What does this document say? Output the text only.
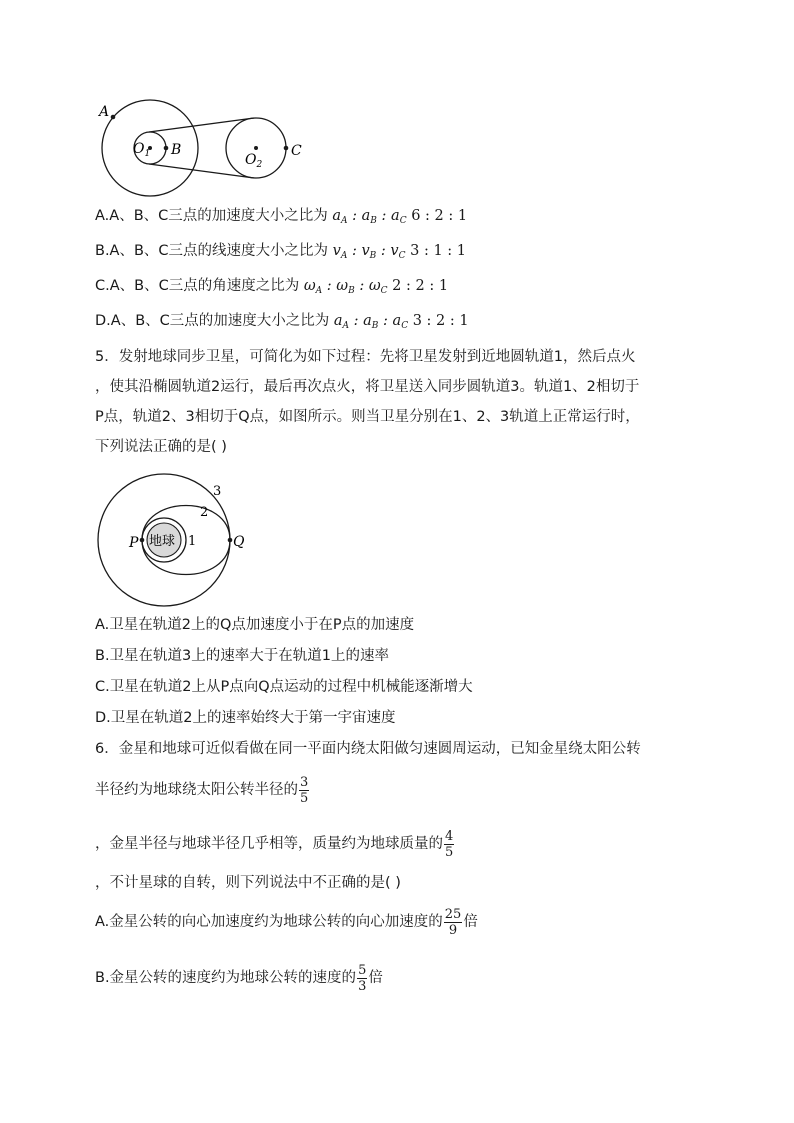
A
$O_1$ B
$O_2$
C
A.A、B、C三点的加速度大小之比为 $a_A$ : $a_B$ : $a_C$ 6 : 2 : 1
B.A、B、C三点的线速度大小之比为 $v_A$ : $v_B$ : $v_C$ 3 : 1 : 1
C.A、B、C三点的角速度之比为 $\omega_A$ : $\omega_B$ : $\omega_C$ 2 : 2 : 1
D.A、B、C三点的加速度大小之比为 $a_A$ : $a_B$ : $a_C$ 3 : 2 : 1
5．发射地球同步卫星，可简化为如下过程：先将卫星发射到近地圆轨道1，然后点火
，使其沿椭圆轨道2运行，最后再次点火，将卫星送入同步圆轨道3。轨道1、2相切于
P点，轨道2、3相切于Q点，如图所示。则当卫星分别在1、2、3轨道上正常运行时，
下列说法正确的是( )
地球 1
2
3
P	Q
A.卫星在轨道2上的Q点加速度小于在P点的加速度
B.卫星在轨道3上的速率大于在轨道1上的速率
C.卫星在轨道2上从P点向Q点运动的过程中机械能逐渐增大
D.卫星在轨道2上的速率始终大于第一宇宙速度
6．金星和地球可近似看做在同一平面内绕太阳做匀速圆周运动，已知金星绕太阳公转
半径约为地球绕太阳公转半径的 $\frac{3}{5}$
，金星半径与地球半径几乎相等，质量约为地球质量的 $\frac{4}{5}$
，不计星球的自转，则下列说法中不正确的是( )
A.金星公转的向心加速度约为地球公转的向心加速度的 $\frac{25}{9}$ 倍
B.金星公转的速度约为地球公转的速度的 $\frac{5}{3}$ 倍
